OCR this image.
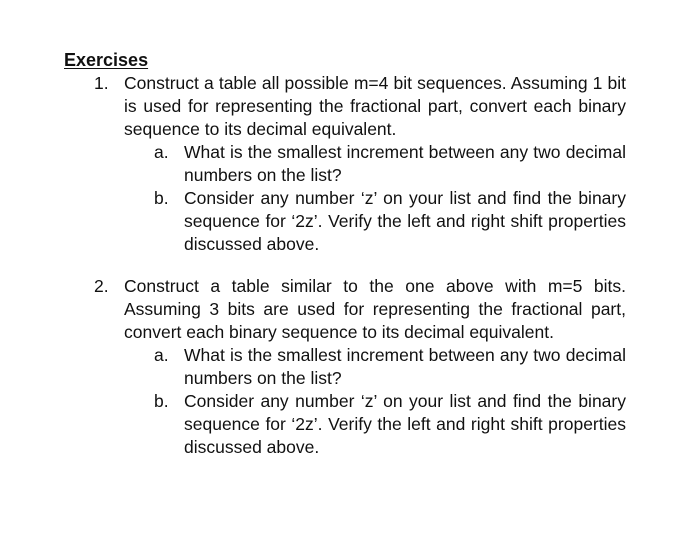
Exercises
1. Construct a table all possible m=4 bit sequences. Assuming 1 bit is used for representing the fractional part, convert each binary sequence to its decimal equivalent.

a. What is the smallest increment between any two decimal numbers on the list?
b. Consider any number ‘z’ on your list and find the binary sequence for ‘2z’. Verify the left and right shift properties discussed above.
2. Construct a table similar to the one above with m=5 bits. Assuming 3 bits are used for representing the fractional part, convert each binary sequence to its decimal equivalent.

a. What is the smallest increment between any two decimal numbers on the list?
b. Consider any number ‘z’ on your list and find the binary sequence for ‘2z’. Verify the left and right shift properties discussed above.
